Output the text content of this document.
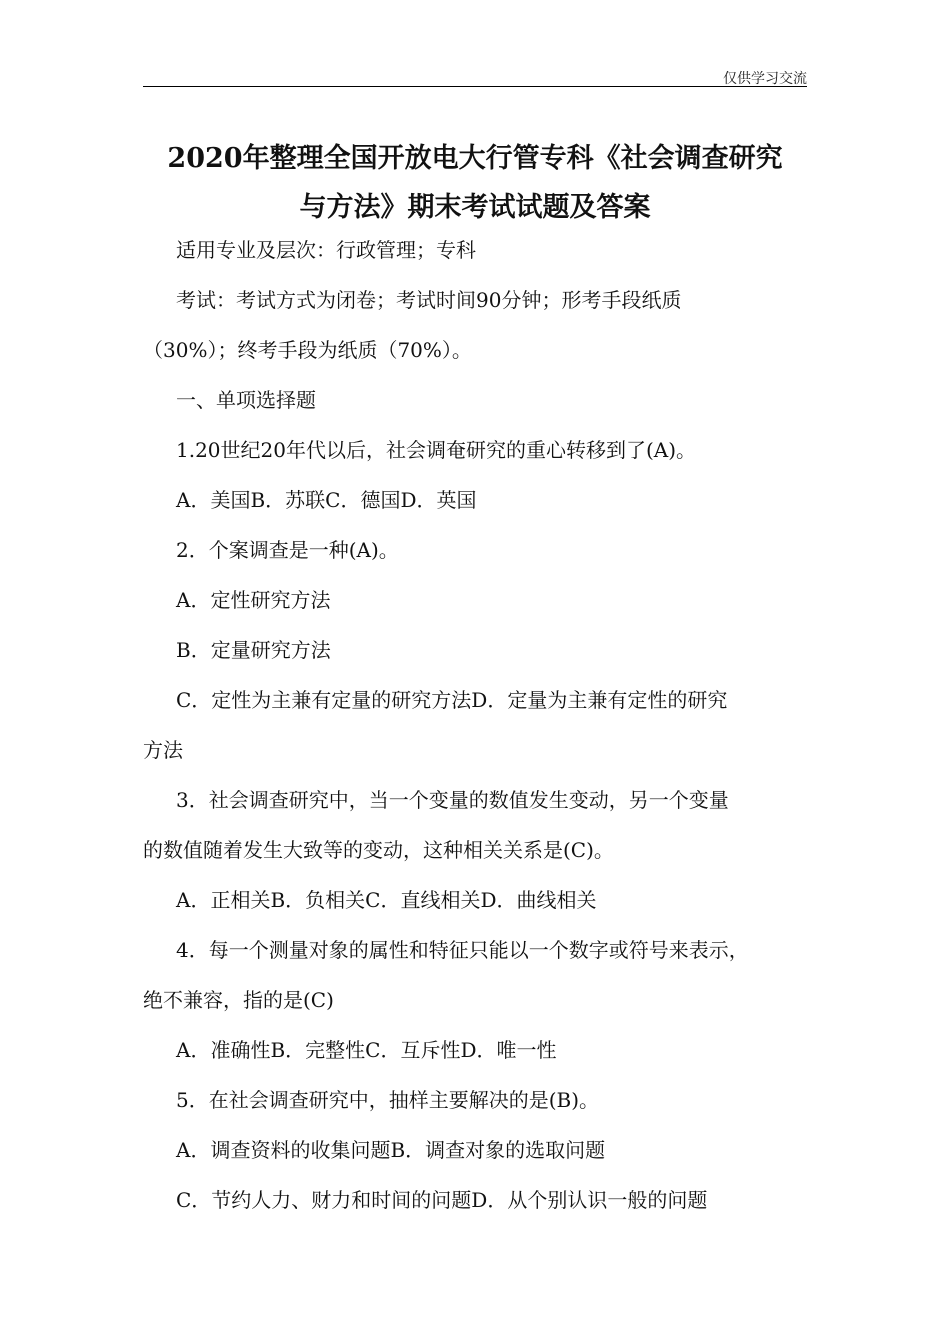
仅供学习交流
2020年整理全国开放电大行管专科《社会调查研究
与方法》期末考试试题及答案
适用专业及层次：行政管理；专科
考试：考试方式为闭卷；考试时间90分钟；形考手段纸质
（30%）；终考手段为纸质（70%）。
一、单项选择题
1.20世纪20年代以后，社会调奄研究的重心转移到了(A)。
A．美国B．苏联C．德国D．英国
2．个案调查是一种(A)。
A．定性研究方法
B．定量研究方法
C．定性为主兼有定量的研究方法D．定量为主兼有定性的研究
方法
3．社会调查研究中，当一个变量的数值发生变动，另一个变量
的数值随着发生大致等的变动，这种相关关系是(C)。
A．正相关B．负相关C．直线相关D．曲线相关
4．每一个测量对象的属性和特征只能以一个数字或符号来表示，
绝不兼容，指的是(C)
A．准确性B．完整性C．互斥性D．唯一性
5．在社会调查研究中，抽样主要解决的是(B)。
A．调查资料的收集问题B．调查对象的选取问题
C．节约人力、财力和时间的问题D．从个别认识一般的问题
